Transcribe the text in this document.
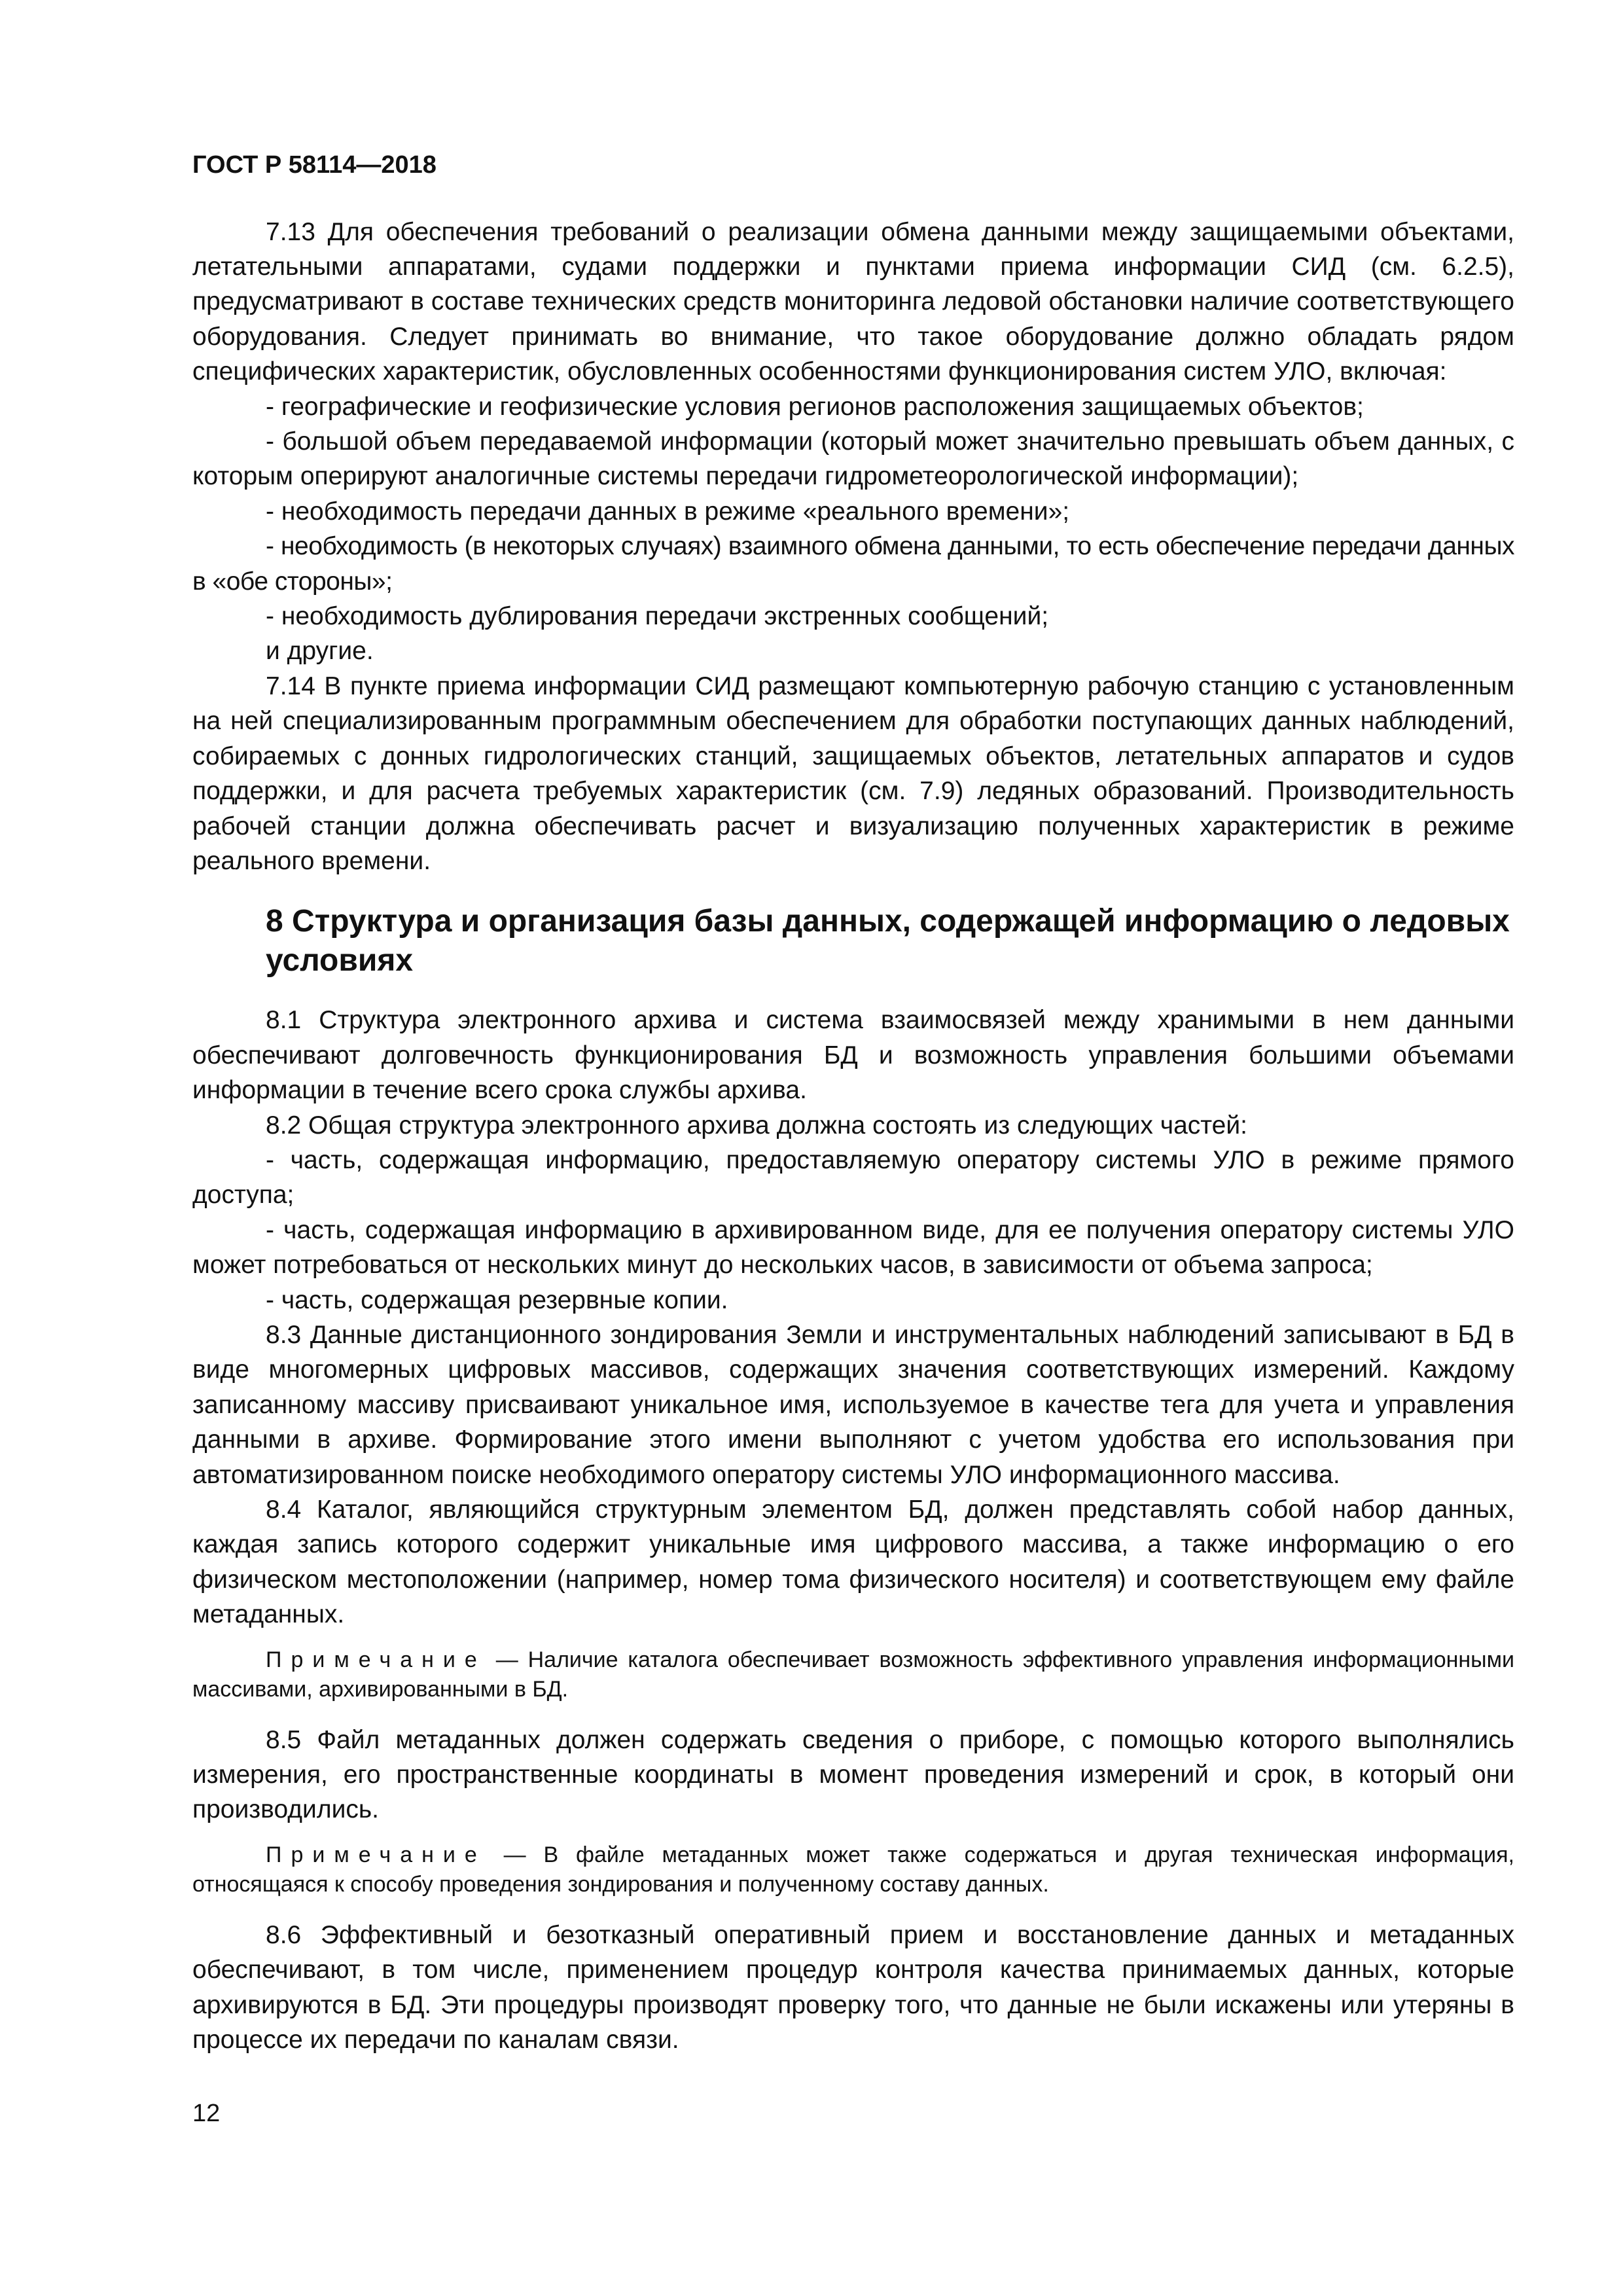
ГОСТ Р 58114—2018

7.13 Для обеспечения требований о реализации обмена данными между защищаемыми объектами, летательными аппаратами, судами поддержки и пунктами приема информации СИД (см. 6.2.5), предусматривают в составе технических средств мониторинга ледовой обстановки наличие соответствующего оборудования. Следует принимать во внимание, что такое оборудование должно обладать рядом специфических характеристик, обусловленных особенностями функционирования систем УЛО, включая:

- географические и геофизические условия регионов расположения защищаемых объектов;

- большой объем передаваемой информации (который может значительно превышать объем данных, с которым оперируют аналогичные системы передачи гидрометеорологической информации);

- необходимость передачи данных в режиме «реального времени»;

- необходимость (в некоторых случаях) взаимного обмена данными, то есть обеспечение передачи данных в «обе стороны»;

- необходимость дублирования передачи экстренных сообщений;

и другие.

7.14 В пункте приема информации СИД размещают компьютерную рабочую станцию с установленным на ней специализированным программным обеспечением для обработки поступающих данных наблюдений, собираемых с донных гидрологических станций, защищаемых объектов, летательных аппаратов и судов поддержки, и для расчета требуемых характеристик (см. 7.9) ледяных образований. Производительность рабочей станции должна обеспечивать расчет и визуализацию полученных характеристик в режиме реального времени.

8 Структура и организация базы данных, содержащей информацию о ледовых условиях

8.1 Структура электронного архива и система взаимосвязей между хранимыми в нем данными обеспечивают долговечность функционирования БД и возможность управления большими объемами информации в течение всего срока службы архива.

8.2 Общая структура электронного архива должна состоять из следующих частей:

- часть, содержащая информацию, предоставляемую оператору системы УЛО в режиме прямого доступа;

- часть, содержащая информацию в архивированном виде, для ее получения оператору системы УЛО может потребоваться от нескольких минут до нескольких часов, в зависимости от объема запроса;

- часть, содержащая резервные копии.

8.3 Данные дистанционного зондирования Земли и инструментальных наблюдений записывают в БД в виде многомерных цифровых массивов, содержащих значения соответствующих измерений. Каждому записанному массиву присваивают уникальное имя, используемое в качестве тега для учета и управления данными в архиве. Формирование этого имени выполняют с учетом удобства его использования при автоматизированном поиске необходимого оператору системы УЛО информационного массива.

8.4 Каталог, являющийся структурным элементом БД, должен представлять собой набор данных, каждая запись которого содержит уникальные имя цифрового массива, а также информацию о его физическом местоположении (например, номер тома физического носителя) и соответствующем ему файле метаданных.

Примечание — Наличие каталога обеспечивает возможность эффективного управления информационными массивами, архивированными в БД.

8.5 Файл метаданных должен содержать сведения о приборе, с помощью которого выполнялись измерения, его пространственные координаты в момент проведения измерений и срок, в который они производились.

Примечание — В файле метаданных может также содержаться и другая техническая информация, относящаяся к способу проведения зондирования и полученному составу данных.

8.6 Эффективный и безотказный оперативный прием и восстановление данных и метаданных обеспечивают, в том числе, применением процедур контроля качества принимаемых данных, которые архивируются в БД. Эти процедуры производят проверку того, что данные не были искажены или утеряны в процессе их передачи по каналам связи.

12
